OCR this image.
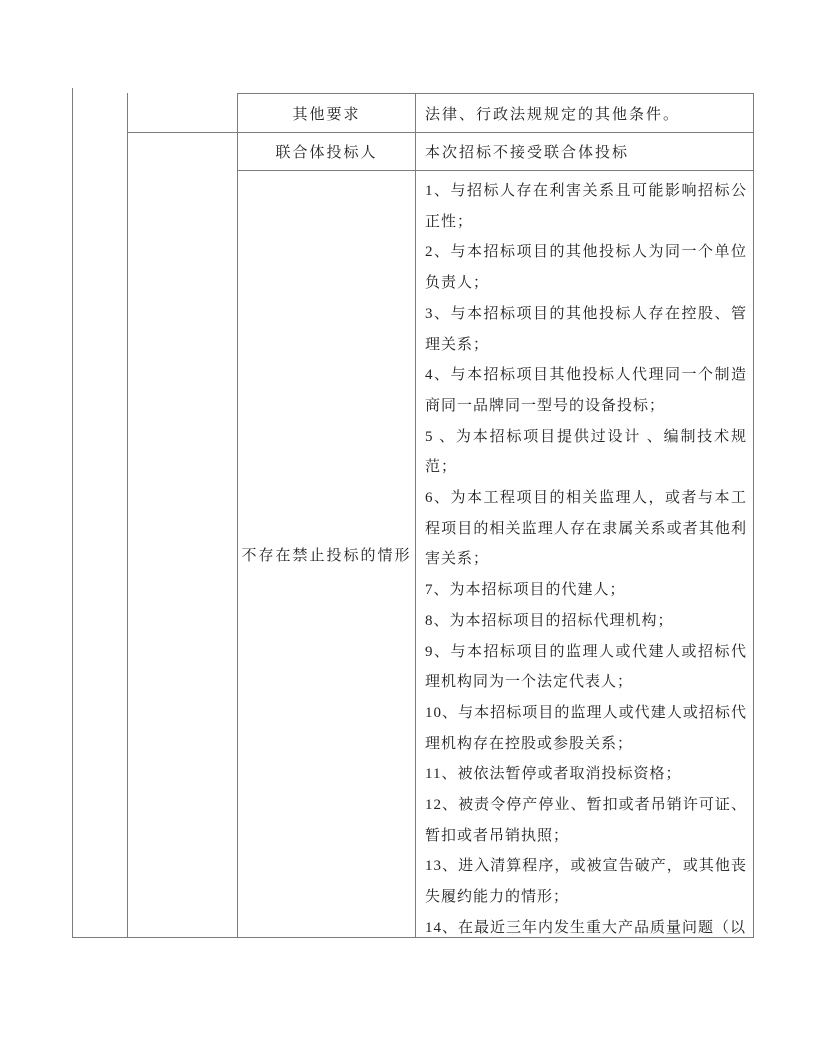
其他要求	法律、行政法规规定的其他条件。
联合体投标人	本次招标不接受联合体投标
不存在禁止投标的情形
1、与招标人存在利害关系且可能影响招标公正性；
2、与本招标项目的其他投标人为同一个单位负责人；
3、与本招标项目的其他投标人存在控股、管理关系；
4、与本招标项目其他投标人代理同一个制造商同一品牌同一型号的设备投标；
5 、为本招标项目提供过设计 、编制技术规范；
6、为本工程项目的相关监理人，或者与本工程项目的相关监理人存在隶属关系或者其他利害关系；
7、为本招标项目的代建人；
8、为本招标项目的招标代理机构；
9、与本招标项目的监理人或代建人或招标代理机构同为一个法定代表人；
10、与本招标项目的监理人或代建人或招标代理机构存在控股或参股关系；
11、被依法暂停或者取消投标资格；
12、被责令停产停业、暂扣或者吊销许可证、暂扣或者吊销执照；
13、进入清算程序，或被宣告破产，或其他丧失履约能力的情形；
14、在最近三年内发生重大产品质量问题（以
